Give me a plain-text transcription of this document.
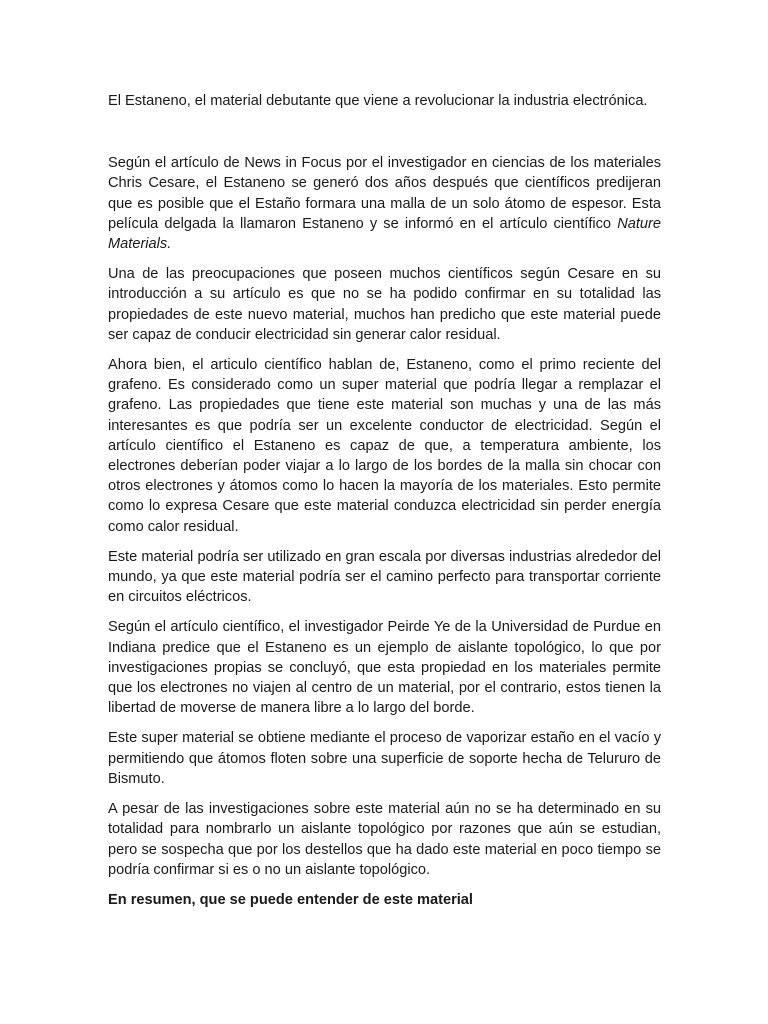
El Estaneno, el material debutante que viene a revolucionar la industria electrónica.

Según el artículo de News in Focus por el investigador en ciencias de los materiales Chris Cesare, el Estaneno se generó dos años después que científicos predijeran que es posible que el Estaño formara una malla de un solo átomo de espesor. Esta película delgada la llamaron Estaneno y se informó en el artículo científico Nature Materials.

Una de las preocupaciones que poseen muchos científicos según Cesare en su introducción a su artículo es que no se ha podido confirmar en su totalidad las propiedades de este nuevo material, muchos han predicho que este material puede ser capaz de conducir electricidad sin generar calor residual.

Ahora bien, el articulo científico hablan de, Estaneno, como el primo reciente del grafeno. Es considerado como un super material que podría llegar a remplazar el grafeno. Las propiedades que tiene este material son muchas y una de las más interesantes es que podría ser un excelente conductor de electricidad. Según el artículo científico el Estaneno es capaz de que, a temperatura ambiente, los electrones deberían poder viajar a lo largo de los bordes de la malla sin chocar con otros electrones y átomos como lo hacen la mayoría de los materiales. Esto permite como lo expresa Cesare que este material conduzca electricidad sin perder energía como calor residual.

Este material podría ser utilizado en gran escala por diversas industrias alrededor del mundo, ya que este material podría ser el camino perfecto para transportar corriente en circuitos eléctricos.

Según el artículo científico, el investigador Peirde Ye de la Universidad de Purdue en Indiana predice que el Estaneno es un ejemplo de aislante topológico, lo que por investigaciones propias se concluyó, que esta propiedad en los materiales permite que los electrones no viajen al centro de un material, por el contrario, estos tienen la libertad de moverse de manera libre a lo largo del borde.

Este super material se obtiene mediante el proceso de vaporizar estaño en el vacío y permitiendo que átomos floten sobre una superficie de soporte hecha de Telururo de Bismuto.

A pesar de las investigaciones sobre este material aún no se ha determinado en su totalidad para nombrarlo un aislante topológico por razones que aún se estudian, pero se sospecha que por los destellos que ha dado este material en poco tiempo se podría confirmar si es o no un aislante topológico.

En resumen, que se puede entender de este material
